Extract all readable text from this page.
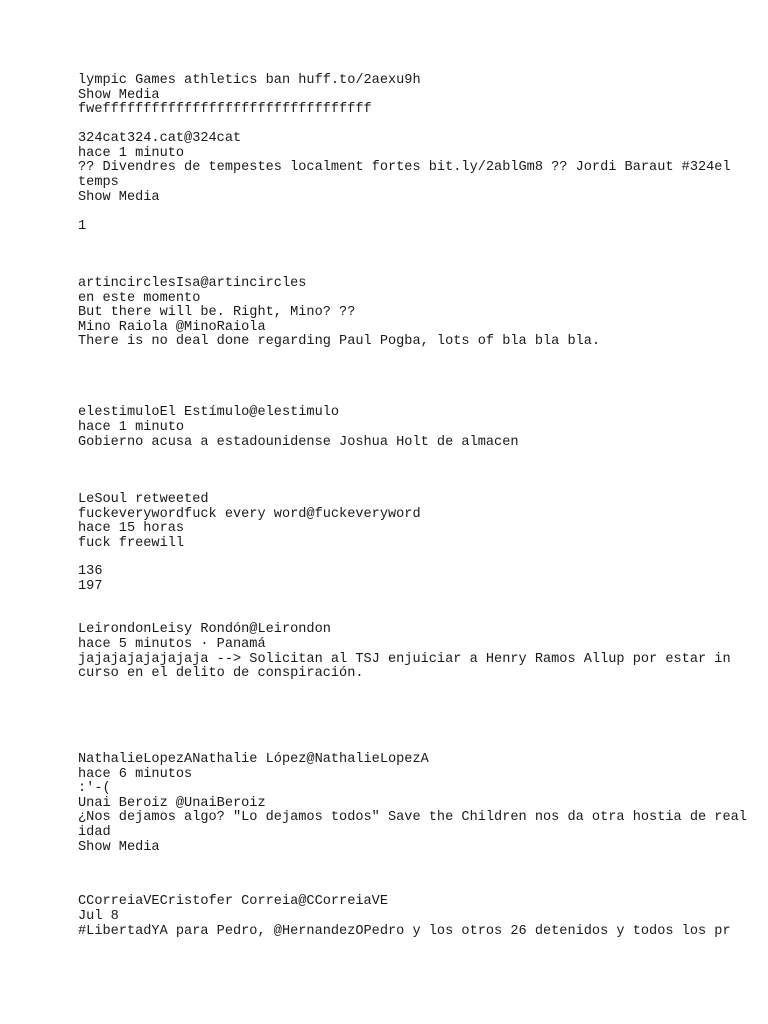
lympic Games athletics ban huff.to/2aexu9h

Show Media

fwefffffffffffffffffffffffffffffffff

324cat324.cat@324cat

hace 1 minuto

?? Divendres de tempestes localment fortes bit.ly/2ablGm8 ?? Jordi Baraut #324el

temps

Show Media

1

artincirclesIsa@artincircles

en este momento

But there will be. Right, Mino? ??

Mino Raiola @MinoRaiola

There is no deal done regarding Paul Pogba, lots of bla bla bla.

elestimuloEl Estímulo@elestimulo

hace 1 minuto

Gobierno acusa a estadounidense Joshua Holt de almacen

LeSoul retweeted

fuckeverywordfuck every word@fuckeveryword

hace 15 horas

fuck freewill

136

197

LeirondonLeisy Rondón@Leirondon

hace 5 minutos · Panamá

jajajajajajajaja --> Solicitan al TSJ enjuiciar a Henry Ramos Allup por estar in

curso en el delito de conspiración.

NathalieLopezANathalie López@NathalieLopezA

hace 6 minutos

:'-(

Unai Beroiz @UnaiBeroiz

¿Nos dejamos algo? "Lo dejamos todos" Save the Children nos da otra hostia de real

idad

Show Media

CCorreiaVECristofer Correia@CCorreiaVE

Jul 8

#LibertadYA para Pedro, @HernandezOPedro y los otros 26 detenidos y todos los pr
